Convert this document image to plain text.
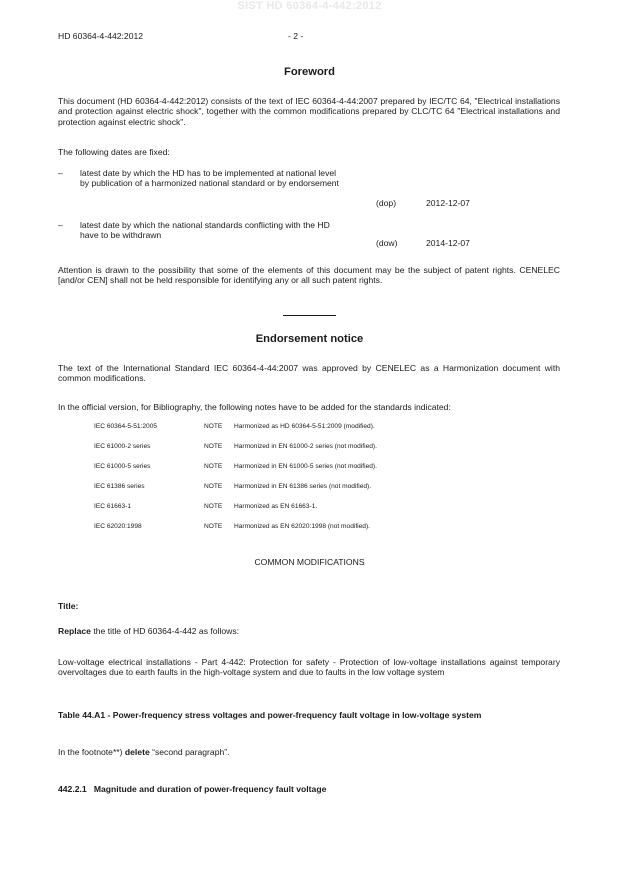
SIST HD 60364-4-442:2012
HD 60364-4-442:2012	- 2 -
Foreword
This document (HD 60364-4-442:2012) consists of the text of IEC 60364-4-44:2007 prepared by IEC/TC 64, "Electrical installations and protection against electric shock", together with the common modifications prepared by CLC/TC 64 "Electrical installations and protection against electric shock".
The following dates are fixed:
– latest date by which the HD has to be implemented at national level by publication of a harmonized national standard or by endorsement
(dop)	2012-12-07
– latest date by which the national standards conflicting with the HD have to be withdrawn
(dow)	2014-12-07
Attention is drawn to the possibility that some of the elements of this document may be the subject of patent rights. CENELEC [and/or CEN] shall not be held responsible for identifying any or all such patent rights.
Endorsement notice
The text of the International Standard IEC 60364-4-44:2007 was approved by CENELEC as a Harmonization document with common modifications.
In the official version, for Bibliography, the following notes have to be added for the standards indicated:
IEC 60364-5-51:2005	NOTE Harmonized as HD 60364-5-51:2009 (modified).
IEC 61000-2 series	NOTE Harmonized in EN 61000-2 series (not modified).
IEC 61000-5 series	NOTE Harmonized in EN 61000-5 series (not modified).
IEC 61386 series	NOTE Harmonized in EN 61386 series (not modified).
IEC 61663-1	NOTE Harmonized as EN 61663-1.
IEC 62020:1998	NOTE Harmonized as EN 62020:1998 (not modified).
COMMON MODIFICATIONS
Title:
Replace the title of HD 60364-4-442 as follows:
Low-voltage electrical installations - Part 4-442: Protection for safety - Protection of low-voltage installations against temporary overvoltages due to earth faults in the high-voltage system and due to faults in the low voltage system
Table 44.A1 - Power-frequency stress voltages and power-frequency fault voltage in low-voltage system
In the footnote**) delete “second paragraph”.
442.2.1   Magnitude and duration of power-frequency fault voltage
